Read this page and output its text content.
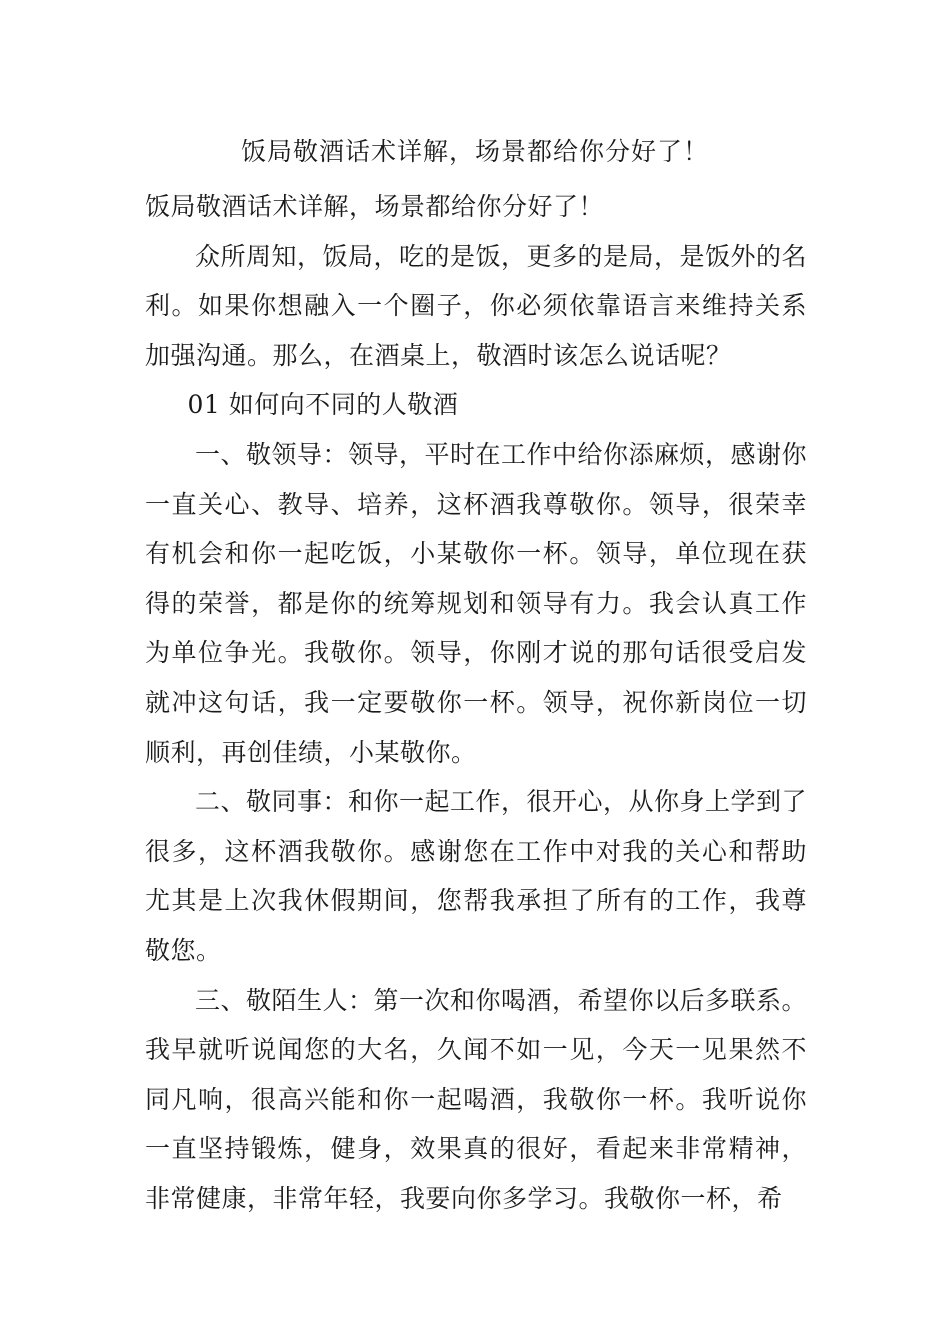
饭局敬酒话术详解，场景都给你分好了！

饭局敬酒话术详解，场景都给你分好了！

众所周知，饭局，吃的是饭，更多的是局，是饭外的名利。如果你想融入一个圈子，你必须依靠语言来维持关系加强沟通。那么，在酒桌上，敬酒时该怎么说话呢？

01 如何向不同的人敬酒

一、敬领导：领导，平时在工作中给你添麻烦，感谢你一直关心、教导、培养，这杯酒我尊敬你。领导，很荣幸有机会和你一起吃饭，小某敬你一杯。领导，单位现在获得的荣誉，都是你的统筹规划和领导有力。我会认真工作为单位争光。我敬你。领导，你刚才说的那句话很受启发就冲这句话，我一定要敬你一杯。领导，祝你新岗位一切顺利，再创佳绩，小某敬你。

二、敬同事：和你一起工作，很开心，从你身上学到了很多，这杯酒我敬你。感谢您在工作中对我的关心和帮助尤其是上次我休假期间，您帮我承担了所有的工作，我尊敬您。

三、敬陌生人：第一次和你喝酒，希望你以后多联系。我早就听说闻您的大名，久闻不如一见，今天一见果然不同凡响，很高兴能和你一起喝酒，我敬你一杯。我听说你一直坚持锻炼，健身，效果真的很好，看起来非常精神，非常健康，非常年轻，我要向你多学习。我敬你一杯，希
